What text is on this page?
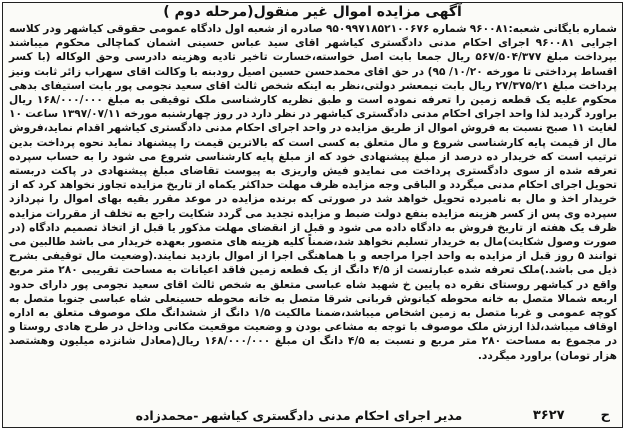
آگهی مزایده اموال غیر منقول(مرحله دوم )
شماره بایگانی شعبه:۹۶۰۰۸۱ شماره ۹۵۰۹۹۷۱۸۵۲۱۰۰۶۷۶ صادره از شعبه اول دادگاه عمومی حقوقی کیاشهر ودر کلاسه اجرایی ۹۶۰۰۸۱ اجرای احکام مدنی دادگستری کیاشهر اقای سید عباس حسینی اشمان کماچالی محکوم میباشند بپرداخت مبلغ ۵۶۷/۵۰۴/۳۷۷ ریال جمعا بابت اصل خواسته،خسارت تاخیر تادیه وهزینه دادرسی وحق الوکاله (با کسر اقساط پرداختی تا مورخه ۱۰/۲۰/ ۹۵) در حق اقای محمدحسن حسین اصیل رودبنه با وکالت اقای سهراب زائر ثابت ونیز پرداخت مبلغ ۲۷/۳۷۵/۲۱ ریال بابت نیمعشر دولتی،نظر به اینکه شخص ثالث اقای سعید نجومی پور بابت استیفای بدهی محکوم علیه یک قطعه زمین را تعرفه نموده است و طبق نظریه کارشناسی ملک توقیفی به مبلغ ۱۶۸/۰۰۰/۰۰۰ ریال براورد گردید لذا واحد اجرای احکام مدنی دادگستری کیاشهر در نظر دارد در روز چهارشنبه مورخه ۱۳۹۷/۰۷/۱۱ ساعت ۱۰ لغایت ۱۱ صبح نسبت به فروش اموال از طریق مزایده در واحد اجرای احکام مدنی دادگستری کیاشهر اقدام نماید،فروش مال از قیمت پایه کارشناسی شروع و مال متعلق به کسی است که بالاترین قیمت را پیشنهاد نماید نحوه پرداخت بدین ترتیب است که خریدار ده درصد از مبلغ پیشنهادی خود که از مبلغ پایه کارشناسی شروع می شود را به حساب سپرده تعرفه شده از سوی دادگستری پرداخت می نمایدو فیش واریزی به پیوست تقاضای مبلغ پیشنهادی در پاکت دربسته تحویل اجرای احکام مدنی میگردد و الباقی وجه مزایده ظرف مهلت حداکثر یکماه از تاریخ مزایده تجاوز نخواهد کرد که از خریدار اخذ و مال به نامبرده تحویل خواهد شد در صورتی که برنده مزایده در موعد مقرر بقیه بهای اموال را نپردازد سپرده وی پس از کسر هزینه مزایده بنفع دولت ضبط و مزایده تجدید می گردد شکایت راجع به تخلف از مقررات مزایده ظرف یک هفته از تاریخ فروش به دادگاه داده می شود و قبل از انقضای مهلت مذکور یا قبل از اتخاذ تصمیم دادگاه (در صورت وصول شکایت)مال به خریدار تسلیم نخواهد شد،ضمناً کلیه هزینه های متصور بعهده خریدار می باشد طالبین می توانند ۵ روز قبل از مزایده به واحد اجرا مراجعه و با هماهنگی اجرا از اموال بازدید نمایند.(وضعیت مال توقیفی بشرح ذیل می باشد.)ملک تعرفه شده عبارتست از ۴/۵ دانگ از یک قطعه زمین فاقد اعیانات به مساحت تقریبی ۲۸۰ متر مربع واقع در کیاشهر روستای نقره ده پایین خ شهید شاه عباسی متعلق به شخص ثالث اقای سعید نجومی پور دارای حدود اربعه شمالا متصل به خانه محوطه کیانوش قربانی شرقا متصل به خانه محوطه حسینعلی شاه عباسی جنوبا متصل به کوچه عمومی و غربا متصل به زمین اشخاص میباشد،ضمنا مالکیت ۱/۵ دانگ از ششدانگ ملک موصوف متعلق به اداره اوقاف میباشد،لذا ارزش ملک موصوف با توجه به مشاعی بودن و وضعیت موقعیت مکانی وداخل در طرح هادی روستا و در مجموع به مساحت ۲۸۰ متر مربع و نسبت به ۴/۵ دانگ ان مبلغ ۱۶۸/۰۰۰/۰۰۰ ریال(معادل شانزده میلیون وهشتصد هزار تومان) براورد میگردد.
ح
۳۶۲۷
مدیر اجرای احکام مدنی دادگستری کیاشهر -محمدزاده
